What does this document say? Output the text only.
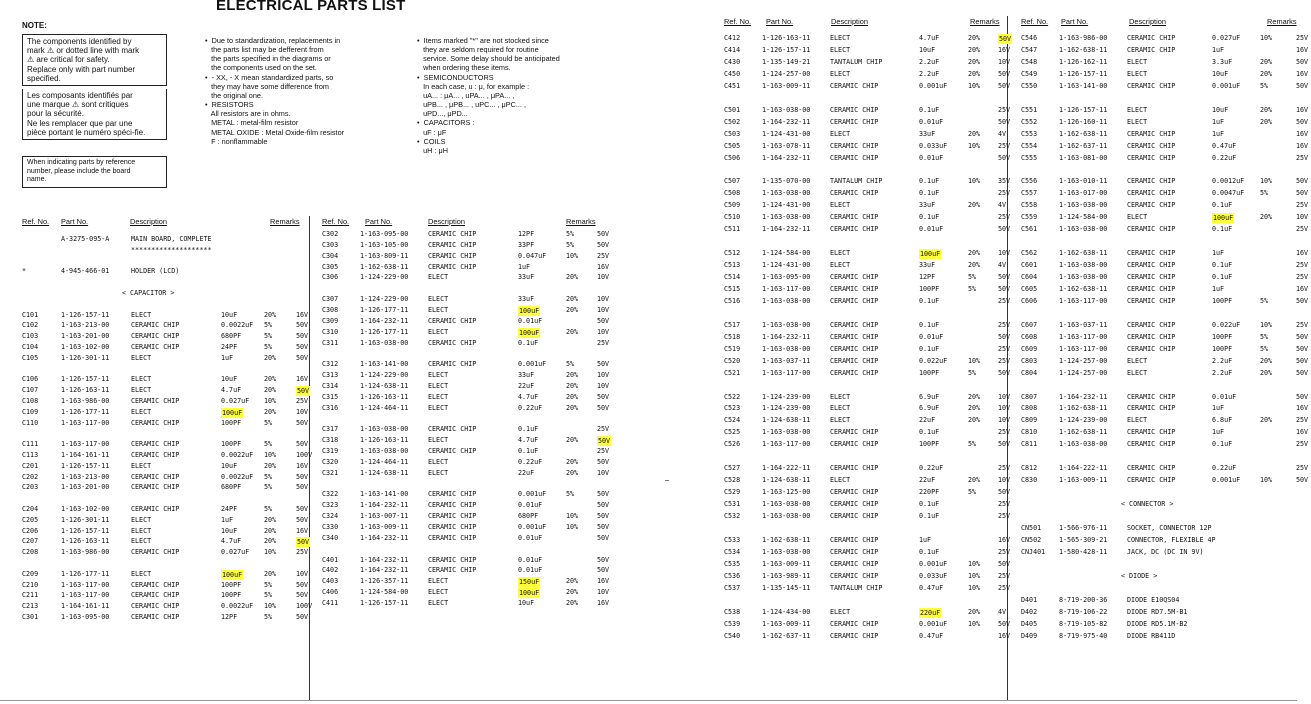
ELECTRICAL PARTS LIST
NOTE:
The components identified by
mark ⚠ or dotted line with mark
⚠ are critical for safety.
Replace only with part number
specified.
Les composants identifiés par
une marque ⚠ sont critiques
pour la sécurité.
Ne les remplacer que par une
pièce portant le numéro spéci-fie.
When indicating parts by reference
number, please include the board
name.
•  Due to standardization, replacements in
the parts list may be defferent from
the parts specified in the diagrams or
the components used on the set.
•  - XX, - X mean standardized parts, so
they may have some difference from
the original one.
•  RESISTORS
All resistors are in ohms.
METAL : metal-film resistor
METAL OXIDE : Metal Oxide-film resistor
F : nonflammable
•  Items marked "*" are not stocked since
they are seldom required for routine
service. Some delay should be anticipated
when ordering these items.
•  SEMICONDUCTORS
In each case, u : μ, for example :
uA... : μA... , uPA... , μPA... ,
uPB... , μPB... , uPC... , μPC... ,
uPD..., μPD...
•  CAPACITORS :
uF : μF
•  COILS
uH : μH
Ref. No. Part No.	Description	Remarks	Ref. No. Part No.	Description	Remarks
A-3275-095-A	MAIN BOARD, COMPLETE
********************
*	4-945-466-01	HOLDER (LCD)
< CAPACITOR >
C101	1-126-157-11	ELECT	10uF	20%	16V
C102	1-163-213-00	CERAMIC CHIP	0.0022uF 5%	50V
C103	1-163-201-00	CERAMIC CHIP	680PF	5%	50V
C104	1-163-102-00	CERAMIC CHIP	24PF	5%	50V
C105	1-126-301-11	ELECT	1uF	20%	50V
C106	1-126-157-11	ELECT	10uF	20%	16V
C107	1-126-163-11	ELECT	4.7uF	20%	50V
C108	1-163-986-00	CERAMIC CHIP	0.027uF 10%	25V
C109	1-126-177-11	ELECT	100uF	20%	10V
C110	1-163-117-00	CERAMIC CHIP	100PF	5%	50V
C111	1-163-117-00	CERAMIC CHIP	100PF	5%	50V
C113	1-164-161-11	CERAMIC CHIP	0.0022uF 10%	100V
C201	1-126-157-11	ELECT	10uF	20%	16V
C202	1-163-213-00	CERAMIC CHIP	0.0022uF 5%	50V
C203	1-163-201-00	CERAMIC CHIP	680PF	5%	50V
C204	1-163-102-00	CERAMIC CHIP	24PF	5%	50V
C205	1-126-301-11	ELECT	1uF	20%	50V
C206	1-126-157-11	ELECT	10uF	20%	16V
C207	1-126-163-11	ELECT	4.7uF	20%	50V
C208	1-163-986-00	CERAMIC CHIP	0.027uF 10%	25V
C209	1-126-177-11	ELECT	100uF	20%	10V
C210	1-163-117-00	CERAMIC CHIP	100PF	5%	50V
C211	1-163-117-00	CERAMIC CHIP	100PF	5%	50V
C213	1-164-161-11	CERAMIC CHIP	0.0022uF 10%	100V
C301	1-163-095-00	CERAMIC CHIP	12PF	5%	50V
C302	1-163-095-00	CERAMIC CHIP	12PF	5%	50V
C303	1-163-105-00	CERAMIC CHIP	33PF	5%	50V
C304	1-163-809-11	CERAMIC CHIP	0.047uF	10%	25V
C305	1-162-638-11	CERAMIC CHIP	1uF	16V
C306	1-124-229-00	ELECT	33uF	20%	10V
C307	1-124-229-00	ELECT	33uF	20%	10V
C308	1-126-177-11	ELECT	100uF	20%	10V
C309	1-164-232-11	CERAMIC CHIP	0.01uF	50V
C310	1-126-177-11	ELECT	100uF	20%	10V
C311	1-163-038-00	CERAMIC CHIP	0.1uF	25V
C312	1-163-141-00	CERAMIC CHIP	0.001uF	5%	50V
C313	1-124-229-00	ELECT	33uF	20%	10V
C314	1-124-638-11	ELECT	22uF	20%	10V
C315	1-126-163-11	ELECT	4.7uF	20%	50V
C316	1-124-464-11	ELECT	0.22uF	20%	50V
C317	1-163-038-00	CERAMIC CHIP	0.1uF	25V
C318	1-126-163-11	ELECT	4.7uF	20%	50V
C319	1-163-038-00	CERAMIC CHIP	0.1uF	25V
C320	1-124-464-11	ELECT	0.22uF	20%	50V
C321	1-124-638-11	ELECT	22uF	20%	10V
C322	1-163-141-00	CERAMIC CHIP	0.001uF	5%	50V
C323	1-164-232-11	CERAMIC CHIP	0.01uF	50V
C324	1-163-007-11	CERAMIC CHIP	680PF	10%	50V
C330	1-163-009-11	CERAMIC CHIP	0.001uF	10%	50V
C340	1-164-232-11	CERAMIC CHIP	0.01uF	50V
C401	1-164-232-11	CERAMIC CHIP	0.01uF	50V
C402	1-164-232-11	CERAMIC CHIP	0.01uF	50V
C403	1-126-357-11	ELECT	150uF	20%	16V
C406	1-124-584-00	ELECT	100uF	20%	10V
C411	1-126-157-11	ELECT	10uF	20%	16V
Ref. No. Part No.	Description	Remarks	Ref. No. Part No.	Description	Remarks
C412	1-126-163-11	ELECT	4.7uF	20%	50V
C414	1-126-157-11	ELECT	10uF	20%	16V
C430	1-135-149-21	TANTALUM CHIP	2.2uF	20%	10V
C450	1-124-257-00	ELECT	2.2uF	20%	50V
C451	1-163-009-11	CERAMIC CHIP	0.001uF	10%	50V
C501	1-163-038-00	CERAMIC CHIP	0.1uF	25V
C502	1-164-232-11	CERAMIC CHIP	0.01uF	50V
C503	1-124-431-00	ELECT	33uF	20%	4V
C505	1-163-078-11	CERAMIC CHIP	0.033uF	10%	25V
C506	1-164-232-11	CERAMIC CHIP	0.01uF	50V
C507	1-135-070-00	TANTALUM CHIP	0.1uF	10%	35V
C508	1-163-038-00	CERAMIC CHIP	0.1uF	25V
C509	1-124-431-00	ELECT	33uF	20%	4V
C510	1-163-038-00	CERAMIC CHIP	0.1uF	25V
C511	1-164-232-11	CERAMIC CHIP	0.01uF	50V
C512	1-124-584-00	ELECT	100uF	20%	10V
C513	1-124-431-00	ELECT	33uF	20%	4V
C514	1-163-095-00	CERAMIC CHIP	12PF	5%	50V
C515	1-163-117-00	CERAMIC CHIP	100PF	5%	50V
C516	1-163-038-00	CERAMIC CHIP	0.1uF	25V
C517	1-163-038-00	CERAMIC CHIP	0.1uF	25V
C518	1-164-232-11	CERAMIC CHIP	0.01uF	50V
C519	1-163-038-00	CERAMIC CHIP	0.1uF	25V
C520	1-163-037-11	CERAMIC CHIP	0.022uF	10%	25V
C521	1-163-117-00	CERAMIC CHIP	100PF	5%	50V
C522	1-124-239-00	ELECT	6.9uF	20%	10V
C523	1-124-239-00	ELECT	6.9uF	20%	10V
C524	1-124-638-11	ELECT	22uF	20%	10V
C525	1-163-038-00	CERAMIC CHIP	0.1uF	25V
C526	1-163-117-00	CERAMIC CHIP	100PF	5%	50V
C527	1-164-222-11	CERAMIC CHIP	0.22uF	25V
C528	1-124-638-11	ELECT	22uF	20%	10V
C529	1-163-125-00	CERAMIC CHIP	220PF	5%	50V
C531	1-163-038-00	CERAMIC CHIP	0.1uF	25V
C532	1-163-038-00	CERAMIC CHIP	0.1uF	25V
C533	1-162-638-11	CERAMIC CHIP	1uF	16V
C534	1-163-038-00	CERAMIC CHIP	0.1uF	25V
C535	1-163-009-11	CERAMIC CHIP	0.001uF	10%	50V
C536	1-163-989-11	CERAMIC CHIP	0.033uF	10%	25V
C537	1-135-145-11	TANTALUM CHIP	0.47uF	10%	25V
C538	1-124-434-00	ELECT	220uF	20%	4V
C539	1-163-009-11	CERAMIC CHIP	0.001uF	10%	50V
C540	1-162-637-11	CERAMIC CHIP	0.47uF	16V
C546	1-163-986-00	CERAMIC CHIP	0.027uF	10%	25V
C547	1-162-638-11	CERAMIC CHIP	1uF	16V
C548	1-126-162-11	ELECT	3.3uF	20%	50V
C549	1-126-157-11	ELECT	10uF	20%	16V
C550	1-163-141-00	CERAMIC CHIP	0.001uF	5%	50V
C551	1-126-157-11	ELECT	10uF	20%	16V
C552	1-126-160-11	ELECT	1uF	20%	50V
C553	1-162-638-11	CERAMIC CHIP	1uF	16V
C554	1-162-637-11	CERAMIC CHIP	0.47uF	16V
C555	1-163-081-00	CERAMIC CHIP	0.22uF	25V
C556	1-163-010-11	CERAMIC CHIP	0.0012uF 10%	50V
C557	1-163-017-00	CERAMIC CHIP	0.0047uF 5%	50V
C558	1-163-038-00	CERAMIC CHIP	0.1uF	25V
C559	1-124-584-00	ELECT	100uF	20%	10V
C561	1-163-038-00	CERAMIC CHIP	0.1uF	25V
C562	1-162-638-11	CERAMIC CHIP	1uF	16V
C601	1-163-038-00	CERAMIC CHIP	0.1uF	25V
C604	1-163-038-00	CERAMIC CHIP	0.1uF	25V
C605	1-162-638-11	CERAMIC CHIP	1uF	16V
C606	1-163-117-00	CERAMIC CHIP	100PF	5%	50V
C607	1-163-037-11	CERAMIC CHIP	0.022uF	10%	25V
C608	1-163-117-00	CERAMIC CHIP	100PF	5%	50V
C609	1-163-117-00	CERAMIC CHIP	100PF	5%	50V
C803	1-124-257-00	ELECT	2.2uF	20%	50V
C804	1-124-257-00	ELECT	2.2uF	20%	50V
C807	1-164-232-11	CERAMIC CHIP	0.01uF	50V
C808	1-162-638-11	CERAMIC CHIP	1uF	16V
C809	1-124-239-00	ELECT	6.8uF	20%	25V
C810	1-162-638-11	CERAMIC CHIP	1uF	16V
C811	1-163-038-00	CERAMIC CHIP	0.1uF	25V
C812	1-164-222-11	CERAMIC CHIP	0.22uF	25V
C830	1-163-009-11	CERAMIC CHIP	0.001uF	10%	50V
< CONNECTOR >
CN501	1-566-976-11	SOCKET, CONNECTOR 12P
CN502	1-565-309-21	CONNECTOR, FLEXIBLE 4P
CNJ401 1-580-428-11	JACK, DC (DC IN 9V)
< DIODE >
D401	8-719-200-36	DIODE E10QS04
D402	8-719-106-22	DIODE RD7.5M-B1
D405	8-719-105-82	DIODE RD5.1M-B2
D409	8-719-975-40	DIODE RB411D
